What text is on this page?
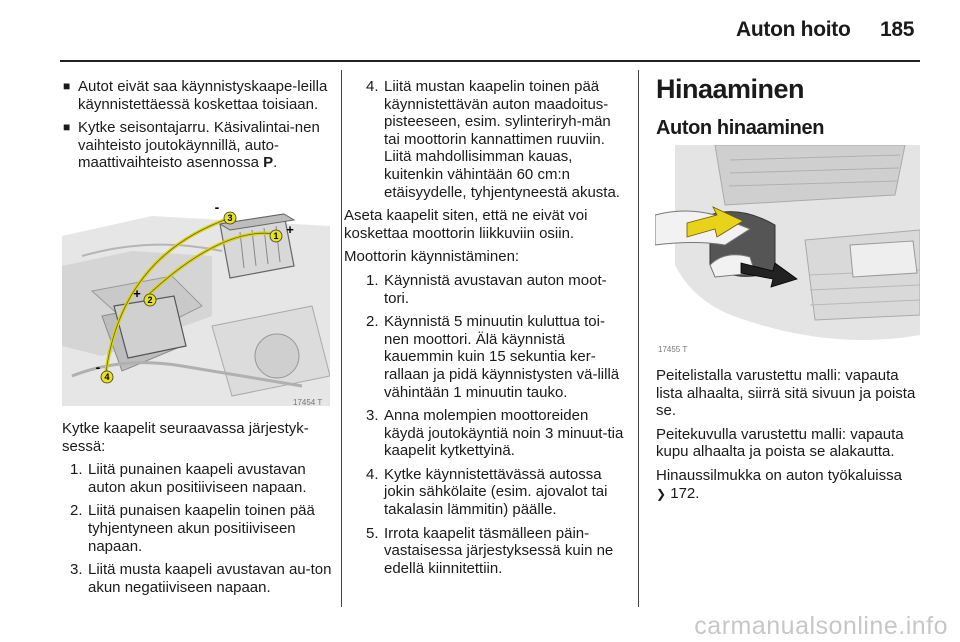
Auton hoito 185
■ Autot eivät saa käynnistyskaape-leilla käynnistettäessä koskettaa toisiaan.
■ Kytke seisontajarru. Käsivalintai-nen vaihteisto joutokäynnillä, auto-maattivaihteisto asennossa P.
1 +
2
+
3
-
4
-
17454 T

Kytke kaapelit seuraavassa järjestyk-sessä:

1. Liitä punainen kaapeli avustavan auton akun positiiviseen napaan.
2. Liitä punaisen kaapelin toinen pää tyhjentyneen akun positiiviseen napaan.
3. Liitä musta kaapeli avustavan au-ton akun negatiiviseen napaan.
4. Liitä mustan kaapelin toinen pää käynnistettävän auton maadoitus-pisteeseen, esim. sylinteriryh-män tai moottorin kannattimen ruuviin. Liitä mahdollisimman kauas, kuitenkin vähintään 60 cm:n etäisyydelle, tyhjentyneestä akusta.

Aseta kaapelit siten, että ne eivät voi koskettaa moottorin liikkuviin osiin.

Moottorin käynnistäminen:

1. Käynnistä avustavan auton moot-tori.
2. Käynnistä 5 minuutin kuluttua toi-nen moottori. Älä käynnistä kauemmin kuin 15 sekuntia ker-rallaan ja pidä käynnistysten vä-lillä vähintään 1 minuutin tauko.
3. Anna molempien moottoreiden käydä joutokäyntiä noin 3 minuut-tia kaapelit kytkettyinä.
4. Kytke käynnistettävässä autossa jokin sähkölaite (esim. ajovalot tai takalasin lämmitin) päälle.
5. Irrota kaapelit täsmälleen päin-vastaisessa järjestyksessä kuin ne edellä kiinnitettiin.
Hinaaminen
Auton hinaaminen
17455 T

Peitelistalla varustettu malli: vapauta lista alhaalta, siirrä sitä sivuun ja poista se.

Peitekuvulla varustettu malli: vapauta kupu alhaalta ja poista se alakautta.

Hinaussilmukka on auton työkaluissa
❯ 172.

carmanualsonline.info
